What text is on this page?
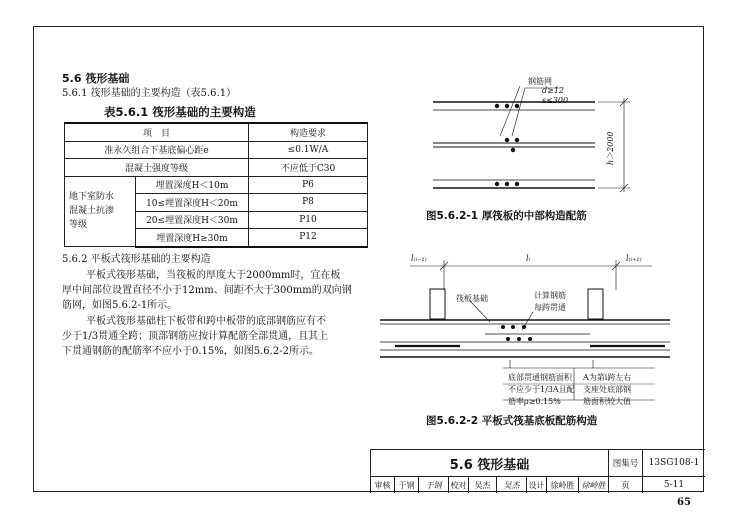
5.6 筏形基础
5.6.1 筏形基础的主要构造（表5.6.1）
表5.6.1 筏形基础的主要构造
项　目		构造要求
准永久组合下基底偏心距e		≤0.1W/A
混凝土强度等级		不应低于C30
地下室防水
混凝土抗渗
等级	埋置深度H＜10m	P6
	10≤埋置深度H＜20m	P8
	20≤埋置深度H＜30m	P10
	埋置深度H≥30m	P12
5.6.2 平板式筏形基础的主要构造
平板式筏形基础，当筏板的厚度大于2000mm时，宜在板
厚中间部位设置直径不小于12mm、间距不大于300mm的双向钢
筋网，如图5.6.2-1所示。
平板式筏形基础柱下板带和跨中板带的底部钢筋应有不
少于1/3贯通全跨；顶部钢筋应按计算配筋全部贯通，且其上
下贯通钢筋的配筋率不应小于0.15%，如图5.6.2-2所示。
钢筋网
d≥12
s≤300
h＞2000
图5.6.2-1 厚筏板的中部构造配筋
l₍ᵢ₋₁₎	lᵢ	l₍ᵢ₊₁₎
筏板基础	计算钢筋
每跨贯通
底部贯通钢筋面积
不应少于1/3A且配
筋率ρ≥0.15%
A为第i跨左右
支座处底部钢
筋面积较大值
图5.6.2-2 平板式筏基底板配筋构造
5.6 筏形基础	图集号	13SG108-1
审核	于钢	于钢	校对	吴杰	吴杰	设计 徐岭胜 徐岭胜	页	5-11
65
